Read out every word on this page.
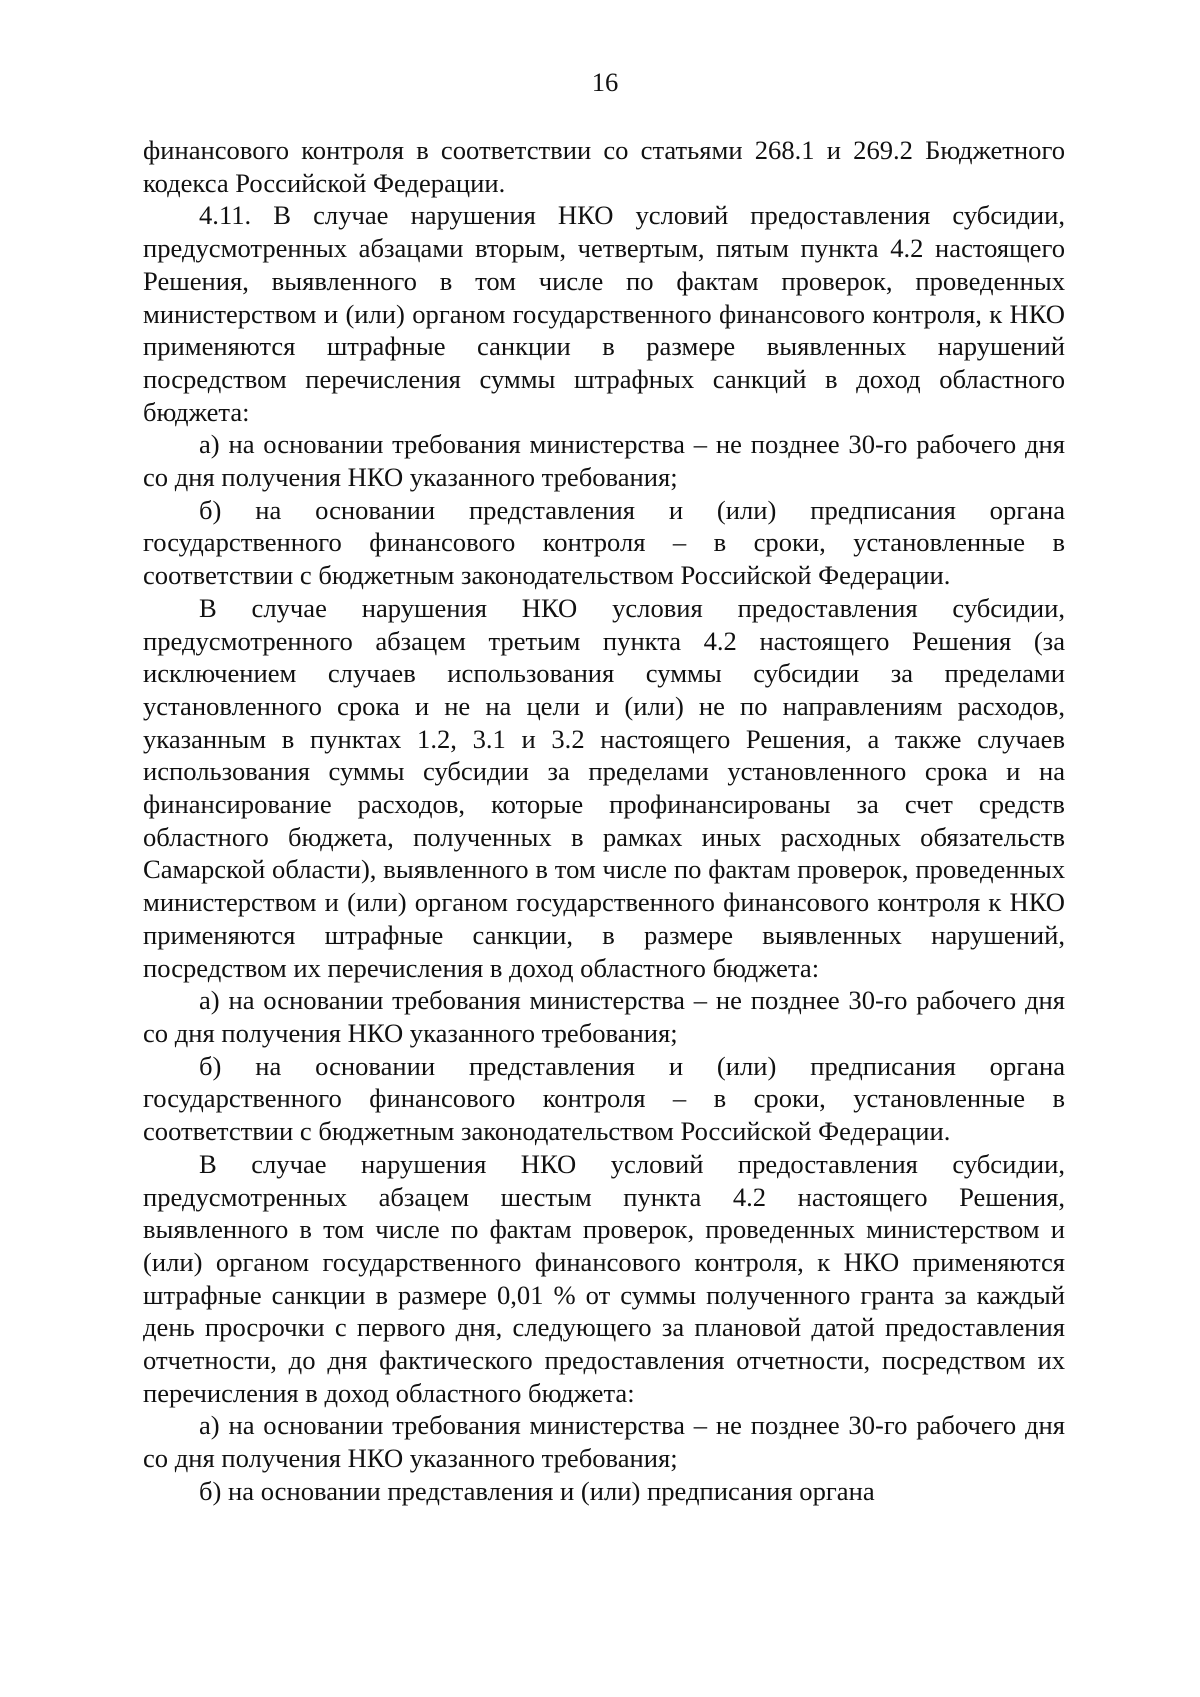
16

финансового контроля в соответствии со статьями 268.1 и 269.2 Бюджетного кодекса Российской Федерации.

4.11. В случае нарушения НКО условий предоставления субсидии, предусмотренных абзацами вторым, четвертым, пятым пункта 4.2 настоящего Решения, выявленного в том числе по фактам проверок, проведенных министерством и (или) органом государственного финансового контроля, к НКО применяются штрафные санкции в размере выявленных нарушений посредством перечисления суммы штрафных санкций в доход областного бюджета:

а) на основании требования министерства – не позднее 30-го рабочего дня со дня получения НКО указанного требования;

б) на основании представления и (или) предписания органа государственного финансового контроля – в сроки, установленные в соответствии с бюджетным законодательством Российской Федерации.

В случае нарушения НКО условия предоставления субсидии, предусмотренного абзацем третьим пункта 4.2 настоящего Решения (за исключением случаев использования суммы субсидии за пределами установленного срока и не на цели и (или) не по направлениям расходов, указанным в пунктах 1.2, 3.1 и 3.2 настоящего Решения, а также случаев использования суммы субсидии за пределами установленного срока и на финансирование расходов, которые профинансированы за счет средств областного бюджета, полученных в рамках иных расходных обязательств Самарской области), выявленного в том числе по фактам проверок, проведенных министерством и (или) органом государственного финансового контроля к НКО применяются штрафные санкции, в размере выявленных нарушений, посредством их перечисления в доход областного бюджета:

а) на основании требования министерства – не позднее 30-го рабочего дня со дня получения НКО указанного требования;

б) на основании представления и (или) предписания органа государственного финансового контроля – в сроки, установленные в соответствии с бюджетным законодательством Российской Федерации.

В случае нарушения НКО условий предоставления субсидии, предусмотренных абзацем шестым пункта 4.2 настоящего Решения, выявленного в том числе по фактам проверок, проведенных министерством и (или) органом государственного финансового контроля, к НКО применяются штрафные санкции в размере 0,01 % от суммы полученного гранта за каждый день просрочки с первого дня, следующего за плановой датой предоставления отчетности, до дня фактического предоставления отчетности, посредством их перечисления в доход областного бюджета:

а) на основании требования министерства – не позднее 30-го рабочего дня со дня получения НКО указанного требования;

б) на основании представления и (или) предписания органа
